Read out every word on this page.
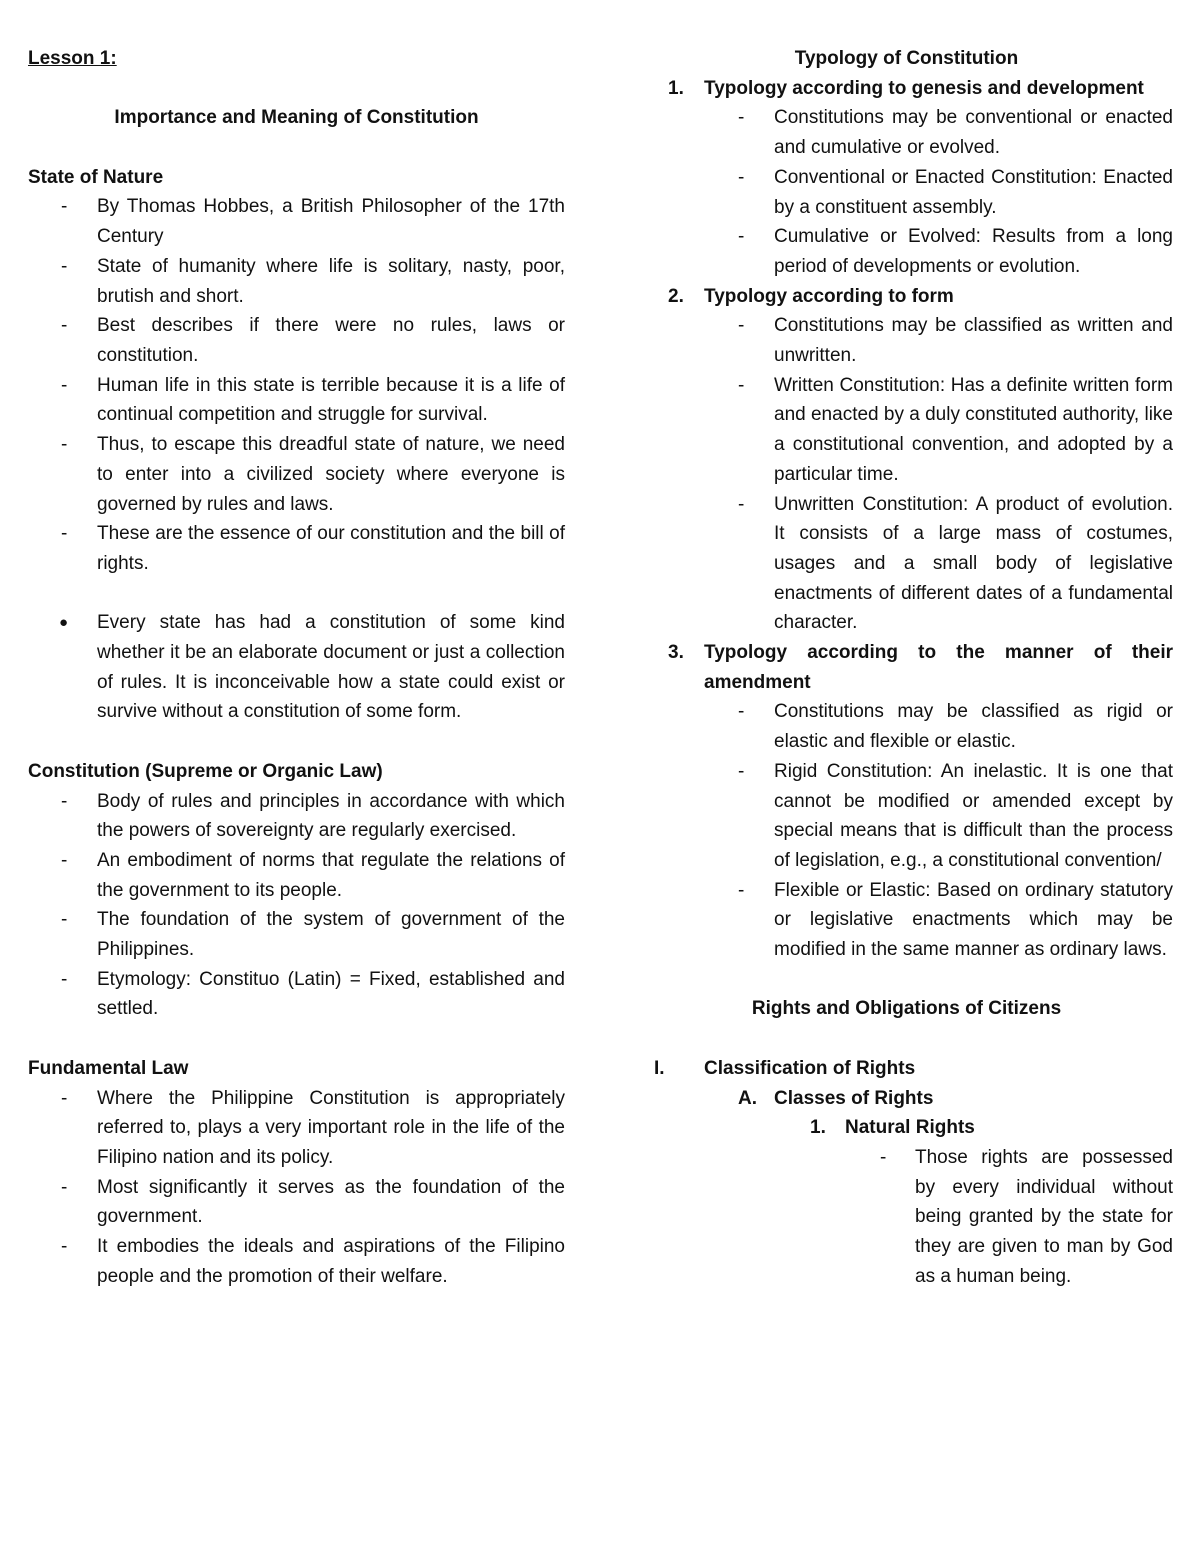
Lesson 1:
Importance and Meaning of Constitution
State of Nature
- By Thomas Hobbes, a British Philosopher of the 17th Century
- State of humanity where life is solitary, nasty, poor, brutish and short.
- Best describes if there were no rules, laws or constitution.
- Human life in this state is terrible because it is a life of continual competition and struggle for survival.
- Thus, to escape this dreadful state of nature, we need to enter into a civilized society where everyone is governed by rules and laws.
- These are the essence of our constitution and the bill of rights.
● Every state has had a constitution of some kind whether it be an elaborate document or just a collection of rules. It is inconceivable how a state could exist or survive without a constitution of some form.
Constitution (Supreme or Organic Law)
- Body of rules and principles in accordance with which the powers of sovereignty are regularly exercised.
- An embodiment of norms that regulate the relations of the government to its people.
- The foundation of the system of government of the Philippines.
- Etymology: Constituo (Latin) = Fixed, established and settled.
Fundamental Law
- Where the Philippine Constitution is appropriately referred to, plays a very important role in the life of the Filipino nation and its policy.
- Most significantly it serves as the foundation of the government.
- It embodies the ideals and aspirations of the Filipino people and the promotion of their welfare.
Typology of Constitution
1. Typology according to genesis and development
- Constitutions may be conventional or enacted and cumulative or evolved.
- Conventional or Enacted Constitution: Enacted by a constituent assembly.
- Cumulative or Evolved: Results from a long period of developments or evolution.
2. Typology according to form
- Constitutions may be classified as written and unwritten.
- Written Constitution: Has a definite written form and enacted by a duly constituted authority, like a constitutional convention, and adopted by a particular time.
- Unwritten Constitution: A product of evolution. It consists of a large mass of costumes, usages and a small body of legislative enactments of different dates of a fundamental character.
3. Typology according to the manner of their amendment
- Constitutions may be classified as rigid or elastic and flexible or elastic.
- Rigid Constitution: An inelastic. It is one that cannot be modified or amended except by special means that is difficult than the process of legislation, e.g., a constitutional convention/
- Flexible or Elastic: Based on ordinary statutory or legislative enactments which may be modified in the same manner as ordinary laws.
Rights and Obligations of Citizens
I. Classification of Rights
A. Classes of Rights
1. Natural Rights
- Those rights are possessed by every individual without being granted by the state for they are given to man by God as a human being.
